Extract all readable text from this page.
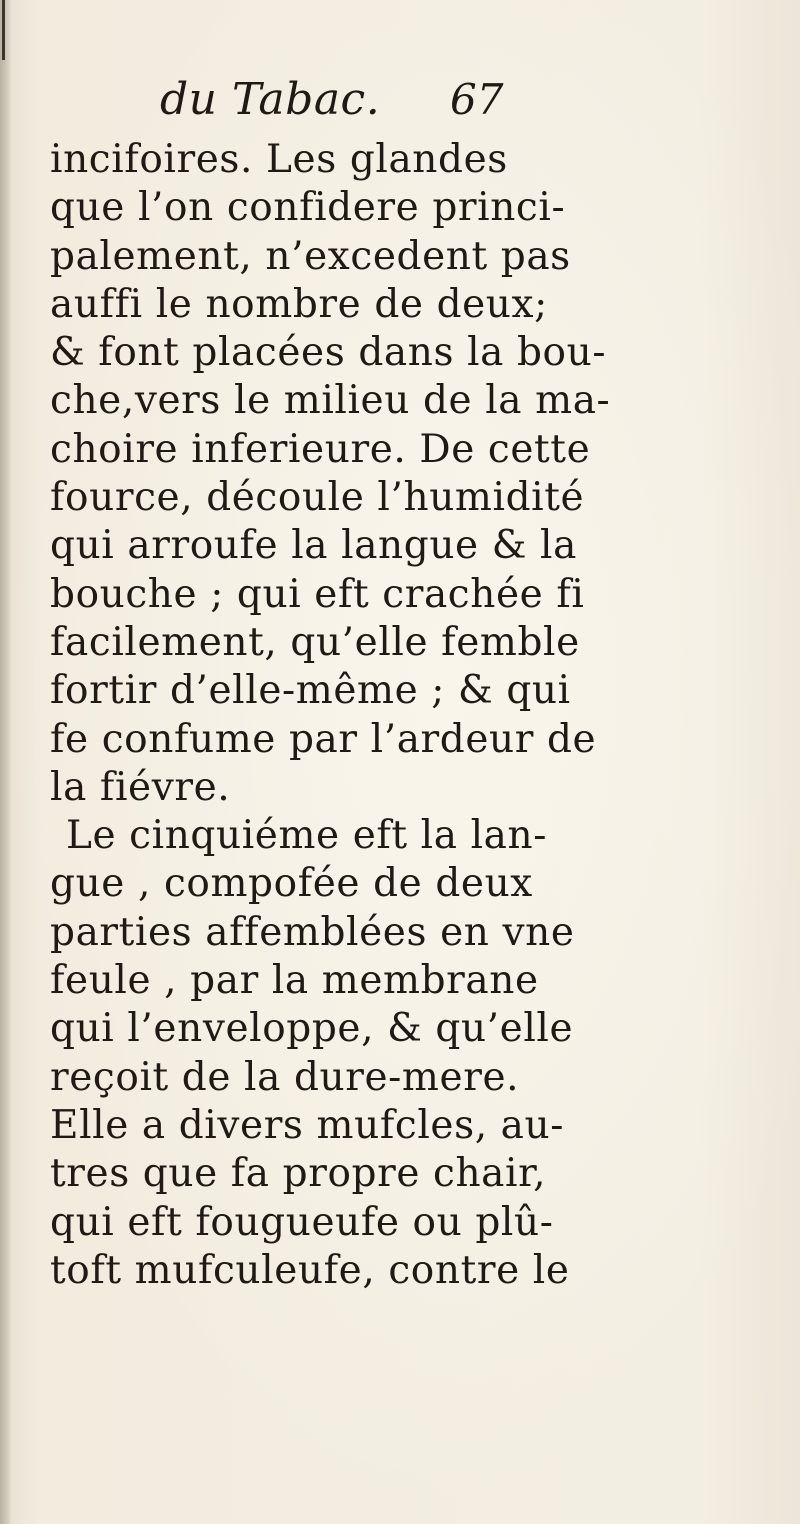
du Tabac. 67
incifoires. Les glandes
que l’on confidere princi-
palement, n’excedent pas
auffi le nombre de deux;
& font placées dans la bou-
che,vers le milieu de la ma-
choire inferieure. De cette
fource, découle l’humidité
qui arroufe la langue & la
bouche ; qui eft crachée fi
facilement, qu’elle femble
fortir d’elle-même ; & qui
fe confume par l’ardeur de
la fiévre.
Le cinquiéme eft la lan-
gue , compofée de deux
parties affemblées en vne
feule , par la membrane
qui l’enveloppe, & qu’elle
reçoit de la dure-mere.
Elle a divers mufcles, au-
tres que fa propre chair,
qui eft fougueufe ou plû-
toft mufculeufe, contre le
